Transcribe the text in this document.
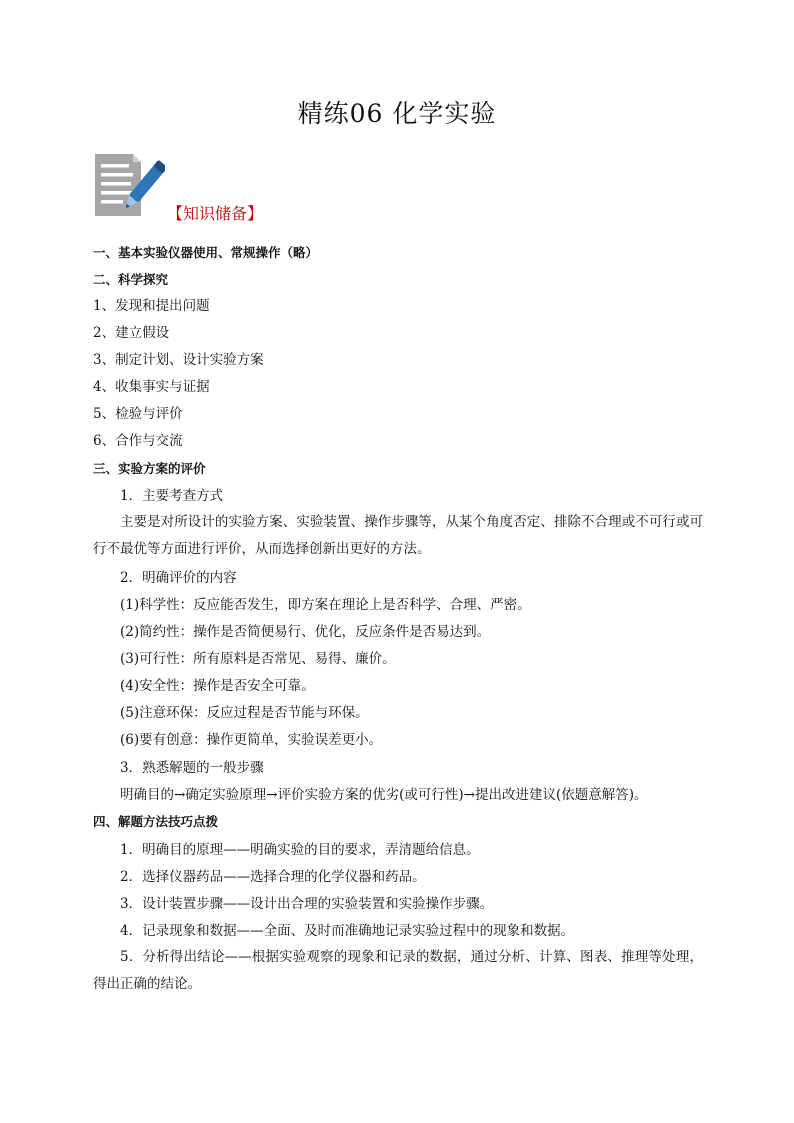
精练06 化学实验
【知识储备】
一、基本实验仪器使用、常规操作（略）
二、科学探究
1、发现和提出问题
2、建立假设
3、制定计划、设计实验方案
4、收集事实与证据
5、检验与评价
6、合作与交流
三、实验方案的评价
1．主要考查方式
主要是对所设计的实验方案、实验装置、操作步骤等，从某个角度否定、排除不合理或不可行或可行不最优等方面进行评价，从而选择创新出更好的方法。
2．明确评价的内容
(1)科学性：反应能否发生，即方案在理论上是否科学、合理、严密。
(2)简约性：操作是否简便易行、优化，反应条件是否易达到。
(3)可行性：所有原料是否常见、易得、廉价。
(4)安全性：操作是否安全可靠。
(5)注意环保：反应过程是否节能与环保。
(6)要有创意：操作更简单，实验误差更小。
3．熟悉解题的一般步骤
明确目的→确定实验原理→评价实验方案的优劣(或可行性)→提出改进建议(依题意解答)。
四、解题方法技巧点拨
1．明确目的原理——明确实验的目的要求，弄清题给信息。
2．选择仪器药品——选择合理的化学仪器和药品。
3．设计装置步骤——设计出合理的实验装置和实验操作步骤。
4．记录现象和数据——全面、及时而准确地记录实验过程中的现象和数据。
5．分析得出结论——根据实验观察的现象和记录的数据，通过分析、计算、图表、推理等处理，得出正确的结论。
